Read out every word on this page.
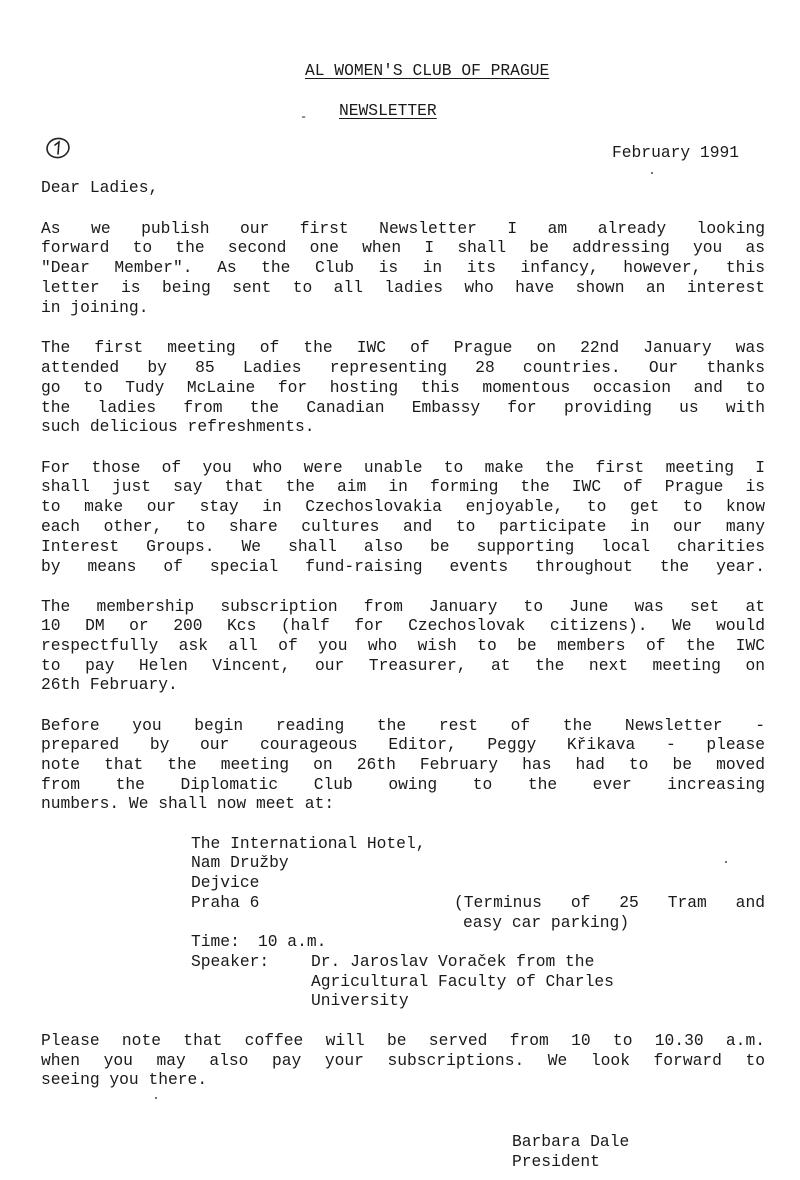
AL WOMEN'S CLUB OF PRAGUE
- NEWSLETTER
February 1991
Dear Ladies,
As we publish our first Newsletter I am already looking
forward to the second one when I shall be addressing you as
"Dear Member". As the Club is in its infancy, however, this
letter is being sent to all ladies who have shown an interest
in joining.
The first meeting of the IWC of Prague on 22nd January was
attended by 85 Ladies representing 28 countries. Our thanks
go to Tudy McLaine for hosting this momentous occasion and to
the ladies from the Canadian Embassy for providing us with
such delicious refreshments.
For those of you who were unable to make the first meeting I
shall just say that the aim in forming the IWC of Prague is
to make our stay in Czechoslovakia enjoyable, to get to know
each other, to share cultures and to participate in our many
Interest Groups. We shall also be supporting local charities
by means of special fund-raising events throughout the year.
The membership subscription from January to June was set at
10 DM or 200 Kcs (half for Czechoslovak citizens). We would
respectfully ask all of you who wish to be members of the IWC
to pay Helen Vincent, our Treasurer, at the next meeting on
26th February.
Before you begin reading the rest of the Newsletter -
prepared by our courageous Editor, Peggy Křikava - please
note that the meeting on 26th February has had to be moved
from the Diplomatic Club owing to the ever increasing
numbers. We shall now meet at:
The International Hotel,
Nam Družby
Dejvice
Praha 6	(Terminus of 25 Tram and
easy car parking)
Time: 10 a.m.
Speaker:	Dr. Jaroslav Voraček from the
Agricultural Faculty of Charles
University
Please note that coffee will be served from 10 to 10.30 a.m.
when you may also pay your subscriptions. We look forward to
seeing you there.
Barbara Dale
President
